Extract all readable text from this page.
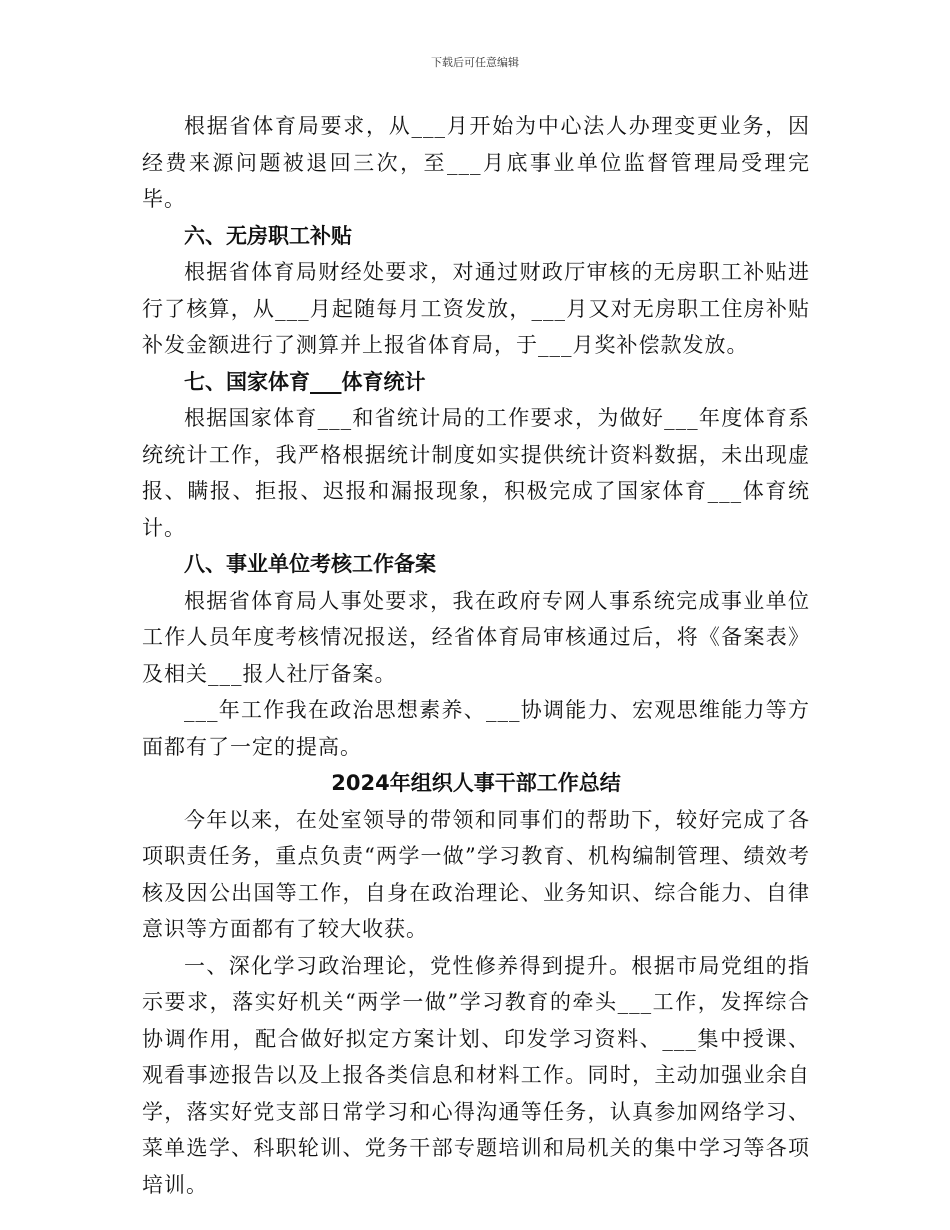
下载后可任意编辑

根据省体育局要求，从___月开始为中心法人办理变更业务，因经费来源问题被退回三次，至___月底事业单位监督管理局受理完毕。

六、无房职工补贴

根据省体育局财经处要求，对通过财政厅审核的无房职工补贴进行了核算，从___月起随每月工资发放，___月又对无房职工住房补贴补发金额进行了测算并上报省体育局，于___月奖补偿款发放。

七、国家体育___体育统计

根据国家体育___和省统计局的工作要求，为做好___年度体育系统统计工作，我严格根据统计制度如实提供统计资料数据，未出现虚报、瞒报、拒报、迟报和漏报现象，积极完成了国家体育___体育统计。

八、事业单位考核工作备案

根据省体育局人事处要求，我在政府专网人事系统完成事业单位工作人员年度考核情况报送，经省体育局审核通过后，将《备案表》及相关___报人社厅备案。

___年工作我在政治思想素养、___协调能力、宏观思维能力等方面都有了一定的提高。

2024年组织人事干部工作总结

今年以来，在处室领导的带领和同事们的帮助下，较好完成了各项职责任务，重点负责“两学一做”学习教育、机构编制管理、绩效考核及因公出国等工作，自身在政治理论、业务知识、综合能力、自律意识等方面都有了较大收获。

一、深化学习政治理论，党性修养得到提升。根据市局党组的指示要求，落实好机关“两学一做”学习教育的牵头___工作，发挥综合协调作用，配合做好拟定方案计划、印发学习资料、___集中授课、观看事迹报告以及上报各类信息和材料工作。同时，主动加强业余自学，落实好党支部日常学习和心得沟通等任务，认真参加网络学习、菜单选学、科职轮训、党务干部专题培训和局机关的集中学习等各项培训。
